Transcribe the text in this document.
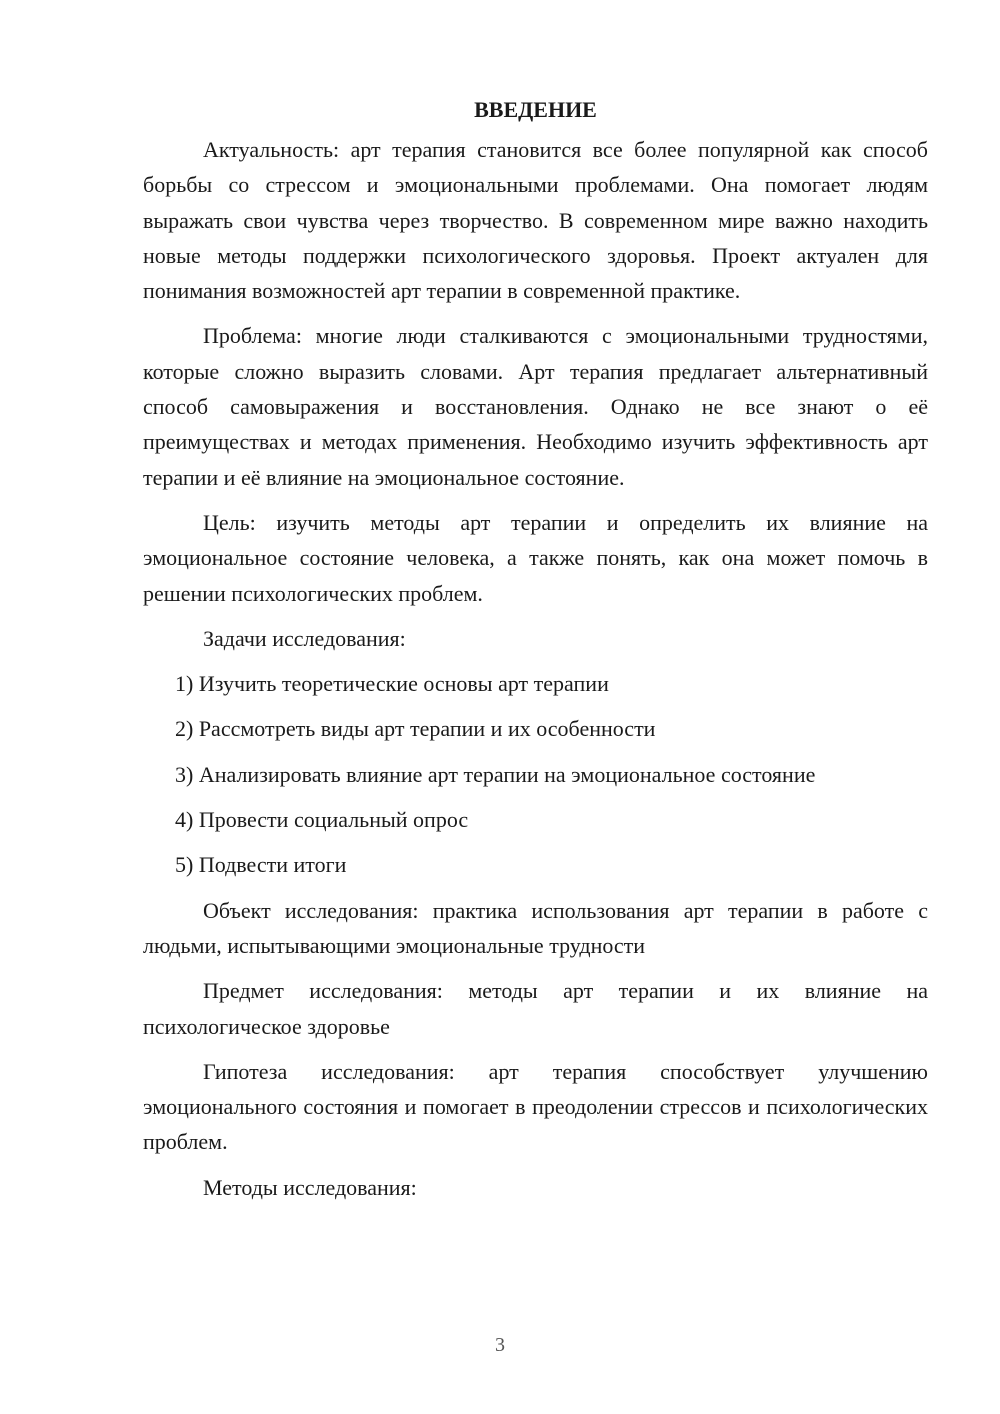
ВВЕДЕНИЕ

Актуальность: арт терапия становится все более популярной как способ борьбы со стрессом и эмоциональными проблемами. Она помогает людям выражать свои чувства через творчество. В современном мире важно находить новые методы поддержки психологического здоровья. Проект актуален для понимания возможностей арт терапии в современной практике.

Проблема: многие люди сталкиваются с эмоциональными трудностями, которые сложно выразить словами. Арт терапия предлагает альтернативный способ самовыражения и восстановления. Однако не все знают о её преимуществах и методах применения. Необходимо изучить эффективность арт терапии и её влияние на эмоциональное состояние.

Цель: изучить методы арт терапии и определить их влияние на эмоциональное состояние человека, а также понять, как она может помочь в решении психологических проблем.

Задачи исследования:

1) Изучить теоретические основы арт терапии

2) Рассмотреть виды арт терапии и их особенности

3) Анализировать влияние арт терапии на эмоциональное состояние

4) Провести социальный опрос

5) Подвести итоги

Объект исследования: практика использования арт терапии в работе с людьми, испытывающими эмоциональные трудности

Предмет исследования: методы арт терапии и их влияние на психологическое здоровье

Гипотеза исследования: арт терапия способствует улучшению эмоционального состояния и помогает в преодолении стрессов и психологических проблем.

Методы исследования:

3
